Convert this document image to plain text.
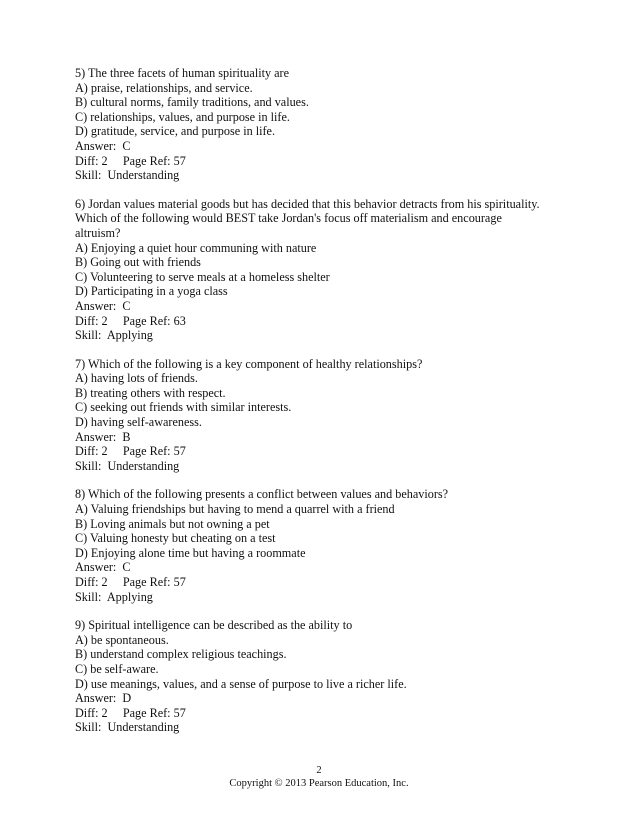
5) The three facets of human spirituality are
A) praise, relationships, and service.
B) cultural norms, family traditions, and values.
C) relationships, values, and purpose in life.
D) gratitude, service, and purpose in life.
Answer:  C
Diff: 2     Page Ref: 57
Skill:  Understanding
6) Jordan values material goods but has decided that this behavior detracts from his spirituality.
Which of the following would BEST take Jordan's focus off materialism and encourage
altruism?
A) Enjoying a quiet hour communing with nature
B) Going out with friends
C) Volunteering to serve meals at a homeless shelter
D) Participating in a yoga class
Answer:  C
Diff: 2     Page Ref: 63
Skill:  Applying
7) Which of the following is a key component of healthy relationships?
A) having lots of friends.
B) treating others with respect.
C) seeking out friends with similar interests.
D) having self-awareness.
Answer:  B
Diff: 2     Page Ref: 57
Skill:  Understanding
8) Which of the following presents a conflict between values and behaviors?
A) Valuing friendships but having to mend a quarrel with a friend
B) Loving animals but not owning a pet
C) Valuing honesty but cheating on a test
D) Enjoying alone time but having a roommate
Answer:  C
Diff: 2     Page Ref: 57
Skill:  Applying
9) Spiritual intelligence can be described as the ability to
A) be spontaneous.
B) understand complex religious teachings.
C) be self-aware.
D) use meanings, values, and a sense of purpose to live a richer life.
Answer:  D
Diff: 2     Page Ref: 57
Skill:  Understanding
2
Copyright © 2013 Pearson Education, Inc.
